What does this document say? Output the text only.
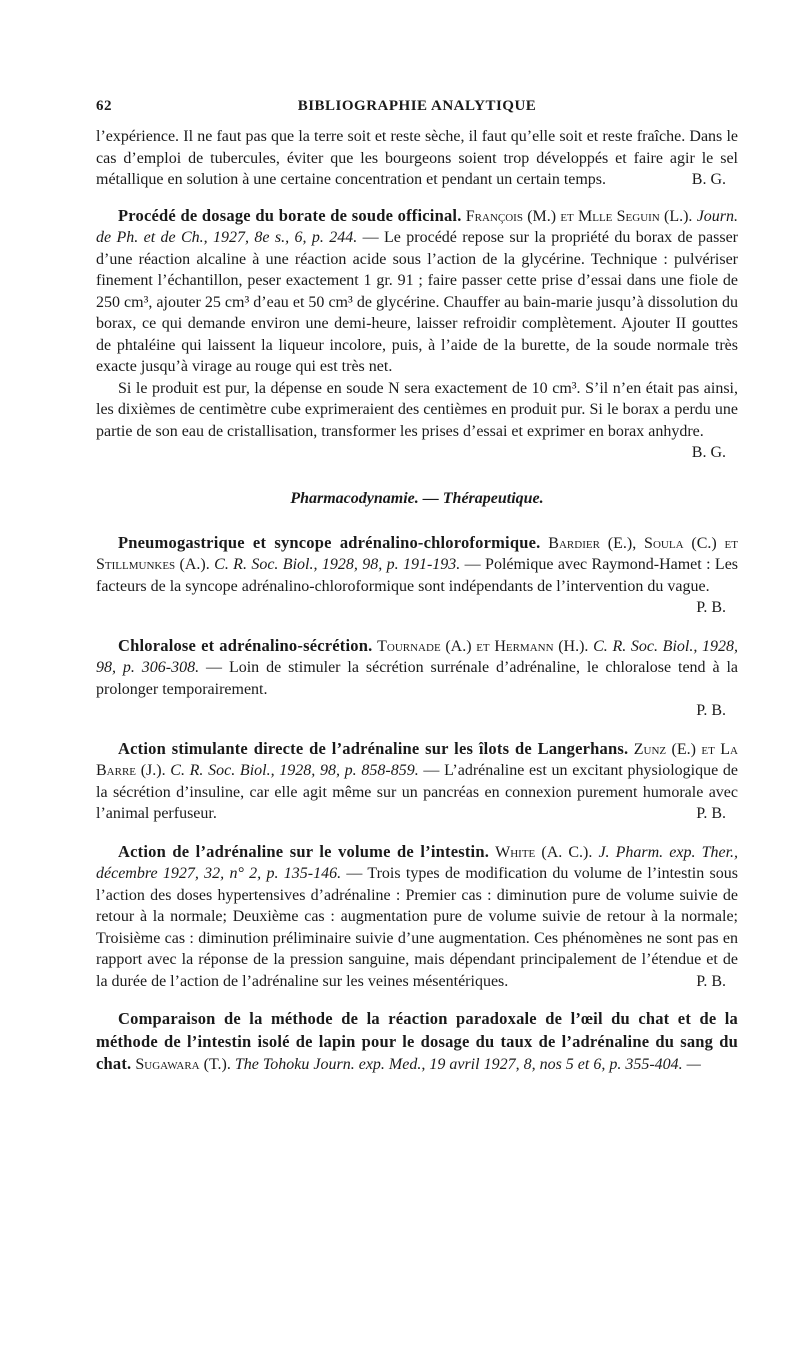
62	BIBLIOGRAPHIE ANALYTIQUE

l’expérience. Il ne faut pas que la terre soit et reste sèche, il faut qu’elle soit et reste fraîche. Dans le cas d’emploi de tubercules, éviter que les bourgeons soient trop développés et faire agir le sel métallique en solution à une certaine concentration et pendant un certain temps.	B. G.

Procédé de dosage du borate de soude officinal. François (M.) et Mlle Seguin (L.). Journ. de Ph. et de Ch., 1927, 8e s., 6, p. 244. — Le procédé repose sur la propriété du borax de passer d’une réaction alcaline à une réaction acide sous l’action de la glycérine. Technique : pulvériser finement l’échantillon, peser exactement 1 gr. 91 ; faire passer cette prise d’essai dans une fiole de 250 cm³, ajouter 25 cm³ d’eau et 50 cm³ de glycérine. Chauffer au bain-marie jusqu’à dissolution du borax, ce qui demande environ une demi-heure, laisser refroidir complètement. Ajouter II gouttes de phtaléine qui laissent la liqueur incolore, puis, à l’aide de la burette, de la soude normale très exacte jusqu’à virage au rouge qui est très net.

Si le produit est pur, la dépense en soude N sera exactement de 10 cm³. S’il n’en était pas ainsi, les dixièmes de centimètre cube exprimeraient des centièmes en produit pur. Si le borax a perdu une partie de son eau de cristallisation, transformer les prises d’essai et exprimer en borax anhydre.

B. G.
Pharmacodynamie. — Thérapeutique.

Pneumogastrique et syncope adrénalino-chloroformique. Bardier (E.), Soula (C.) et Stillmunkes (A.). C. R. Soc. Biol., 1928, 98, p. 191-193. — Polémique avec Raymond-Hamet : Les facteurs de la syncope adrénalino-chloroformique sont indépendants de l’intervention du vague.
P. B.

Chloralose et adrénalino-sécrétion. Tournade (A.) et Hermann (H.). C. R. Soc. Biol., 1928, 98, p. 306-308. — Loin de stimuler la sécrétion surrénale d’adrénaline, le chloralose tend à la prolonger temporairement.

P. B.

Action stimulante directe de l’adrénaline sur les îlots de Langerhans. Zunz (E.) et La Barre (J.). C. R. Soc. Biol., 1928, 98, p. 858-859. — L’adrénaline est un excitant physiologique de la sécrétion d’insuline, car elle agit même sur un pancréas en connexion purement humorale avec l’animal perfuseur.	P. B.

Action de l’adrénaline sur le volume de l’intestin. White (A. C.). J. Pharm. exp. Ther., décembre 1927, 32, n° 2, p. 135-146. — Trois types de modification du volume de l’intestin sous l’action des doses hypertensives d’adrénaline : Premier cas : diminution pure de volume suivie de retour à la normale; Deuxième cas : augmentation pure de volume suivie de retour à la normale; Troisième cas : diminution préliminaire suivie d’une augmentation. Ces phénomènes ne sont pas en rapport avec la réponse de la pression sanguine, mais dépendant principalement de l’étendue et de la durée de l’action de l’adrénaline sur les veines mésentériques.	P. B.

Comparaison de la méthode de la réaction paradoxale de l’œil du chat et de la méthode de l’intestin isolé de lapin pour le dosage du taux de l’adrénaline du sang du chat. Sugawara (T.). The Tohoku Journ. exp. Med., 19 avril 1927, 8, nos 5 et 6, p. 355-404. —
